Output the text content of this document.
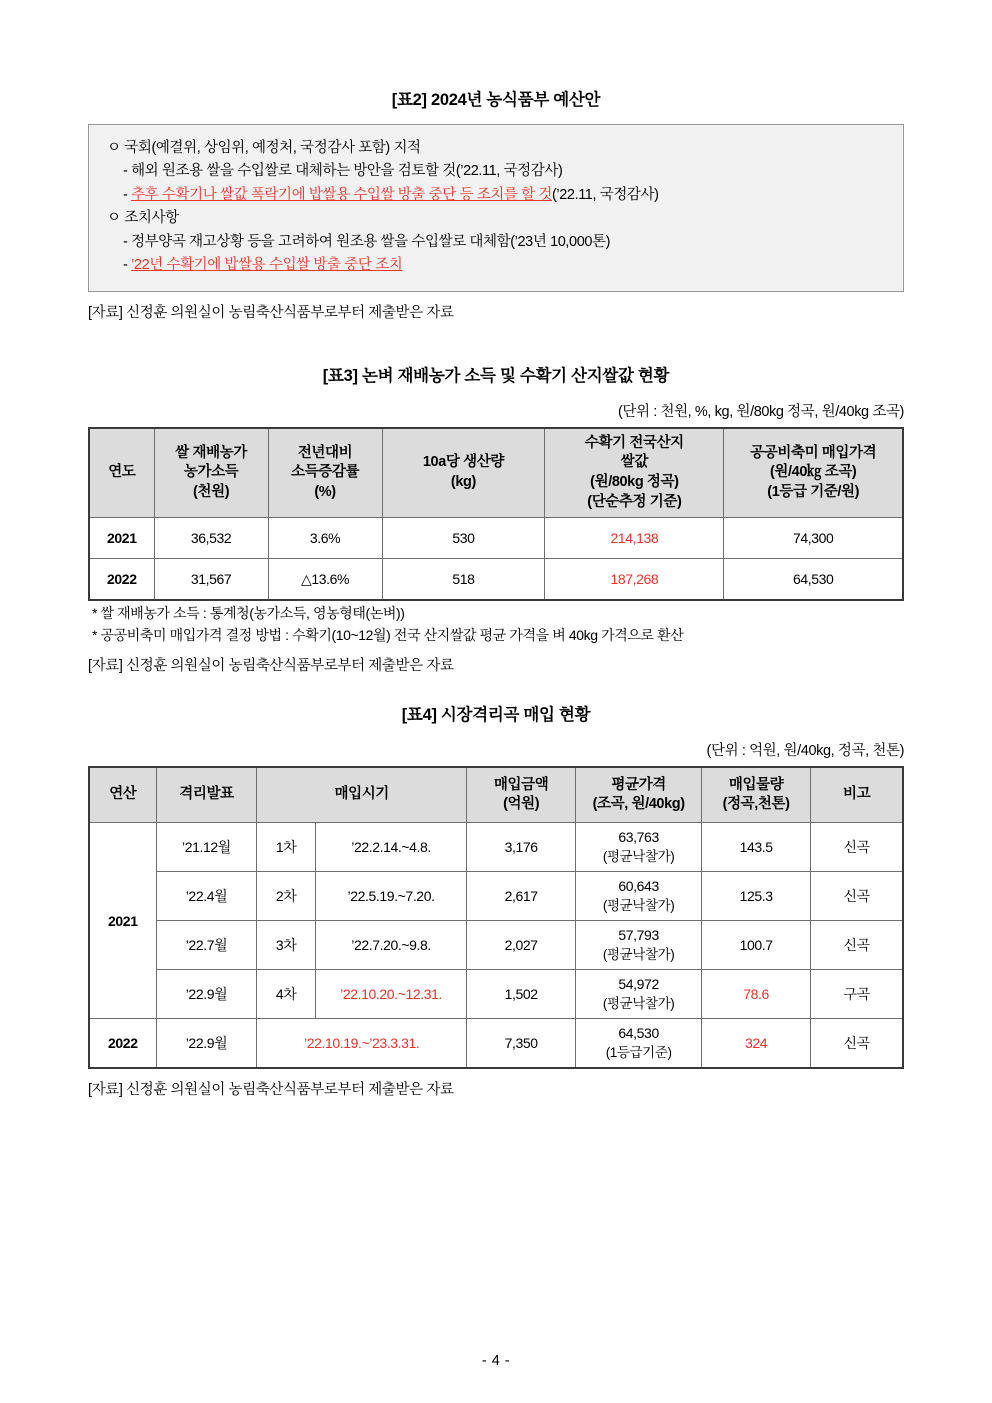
[표2] 2024년 농식품부 예산안
ㅇ 국회(예결위, 상임위, 예정처, 국정감사 포함) 지적
- 해외 원조용 쌀을 수입쌀로 대체하는 방안을 검토할 것(’22.11, 국정감사)
- 추후 수확기나 쌀값 폭락기에 밥쌀용 수입쌀 방출 중단 등 조치를 할 것(’22.11, 국정감사)
ㅇ 조치사항
- 정부양곡 재고상황 등을 고려하여 원조용 쌀을 수입쌀로 대체함(’23년 10,000톤)
- ’22년 수확기에 밥쌀용 수입쌀 방출 중단 조치
[자료] 신정훈 의원실이 농림축산식품부로부터 제출받은 자료
[표3] 논벼 재배농가 소득 및 수확기 산지쌀값 현황
(단위 : 천원, %, kg, 원/80kg 정곡, 원/40kg 조곡)
연도	쌀 재배농가
농가소득
(천원)	전년대비
소득증감률
(%)	10a당 생산량
(kg)	수확기 전국산지
쌀값
(원/80kg 정곡)
(단순추정 기준)	공공비축미 매입가격
(원/40㎏ 조곡)
(1등급 기준/원)
2021	36,532	3.6%	530	214,138	74,300
2022	31,567	△13.6%	518	187,268	64,530
* 쌀 재배농가 소득 : 통계청(농가소득, 영농형태(논벼))
* 공공비축미 매입가격 결정 방법 : 수확기(10~12월) 전국 산지쌀값 평균 가격을 벼 40kg 가격으로 환산
[자료] 신정훈 의원실이 농림축산식품부로부터 제출받은 자료
[표4] 시장격리곡 매입 현황
(단위 : 억원, 원/40kg, 정곡, 천톤)
연산	격리발표	매입시기		매입금액
(억원)	평균가격
(조곡, 원/40kg)	매입물량
(정곡,천톤)	비고
2021	’21.12월	1차	’22.2.14.~4.8.	3,176	63,763
(평균낙찰가)	143.5	신곡
	’22.4월	2차	’22.5.19.~7.20.	2,617	60,643
(평균낙찰가)	125.3	신곡
	’22.7월	3차	’22.7.20.~9.8.	2,027	57,793
(평균낙찰가)	100.7	신곡
	’22.9월	4차	’22.10.20.~12.31.	1,502	54,972
(평균낙찰가)	78.6	구곡
2022	’22.9월	’22.10.19.~’23.3.31.		7,350	64,530
(1등급기준)	324	신곡
[자료] 신정훈 의원실이 농림축산식품부로부터 제출받은 자료
- 4 -
